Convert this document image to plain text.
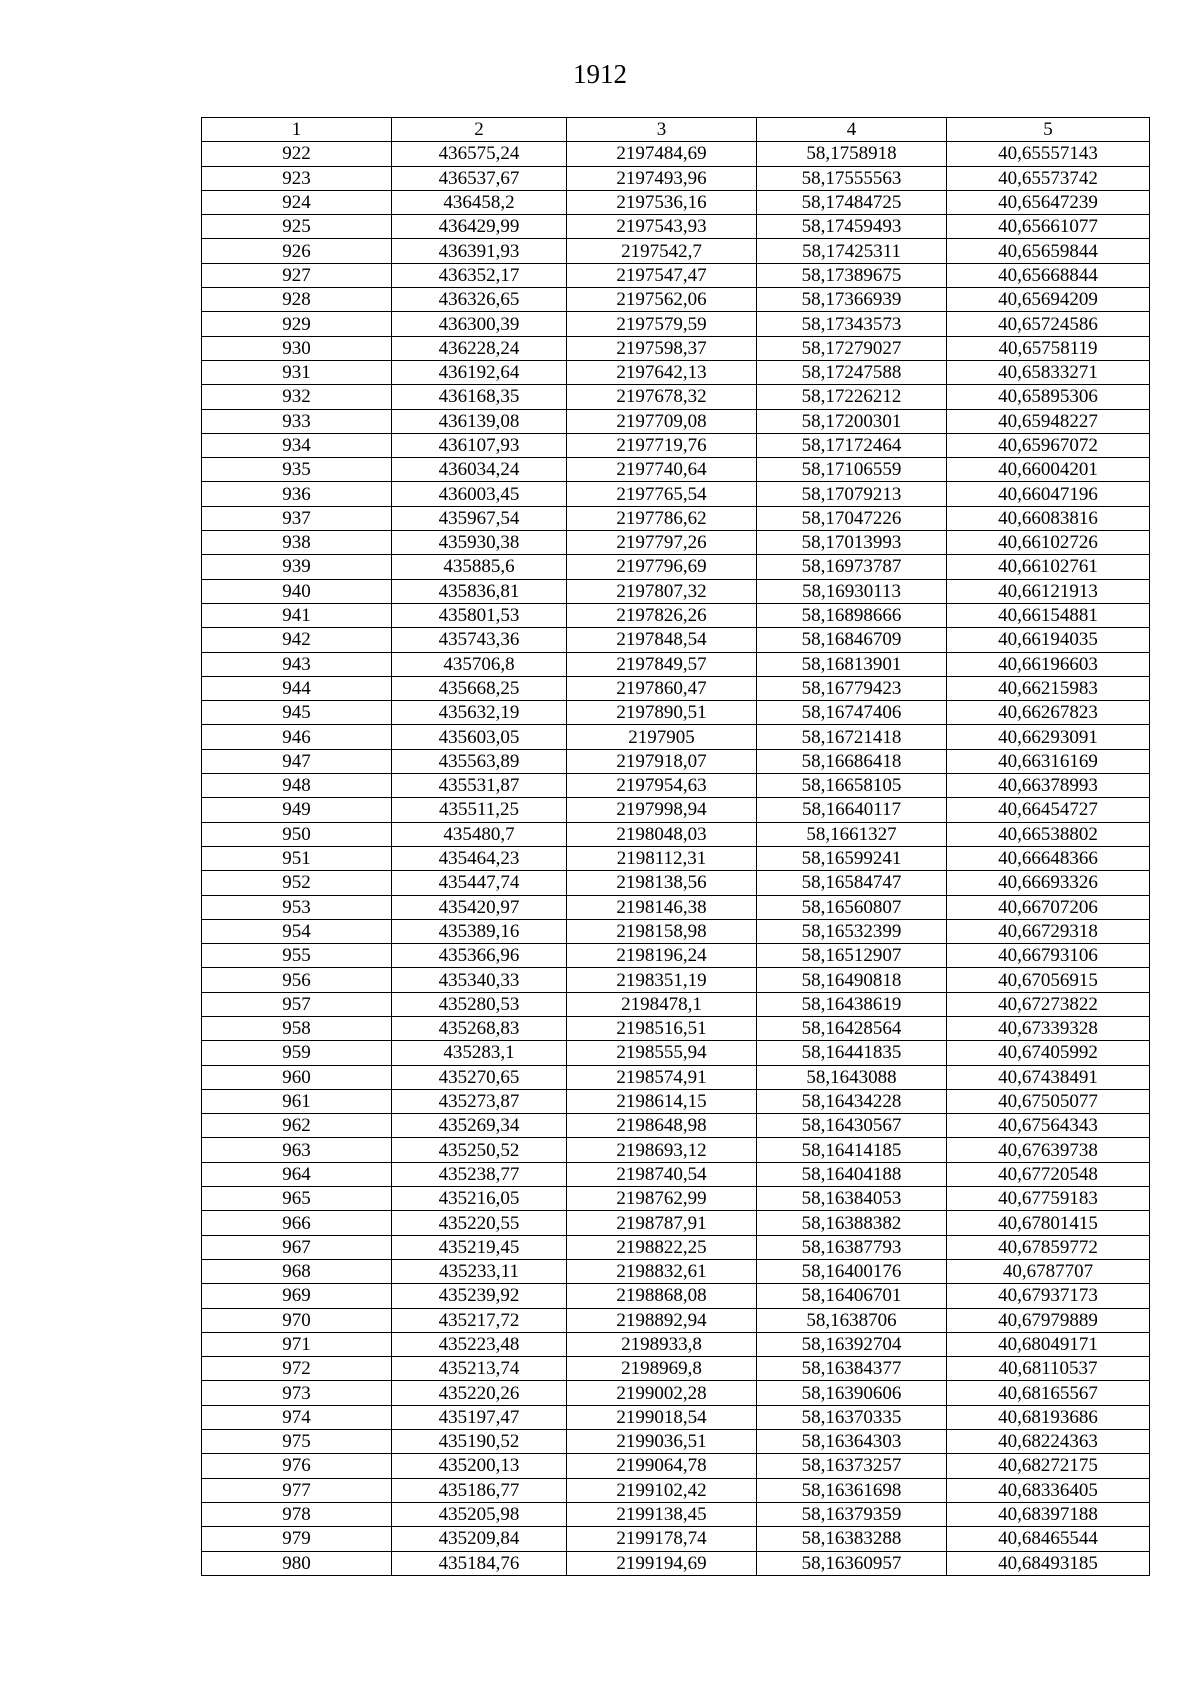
1912
1	2	3	4	5
922	436575,24	2197484,69	58,1758918	40,65557143
923	436537,67	2197493,96	58,17555563	40,65573742
924	436458,2	2197536,16	58,17484725	40,65647239
925	436429,99	2197543,93	58,17459493	40,65661077
926	436391,93	2197542,7	58,17425311	40,65659844
927	436352,17	2197547,47	58,17389675	40,65668844
928	436326,65	2197562,06	58,17366939	40,65694209
929	436300,39	2197579,59	58,17343573	40,65724586
930	436228,24	2197598,37	58,17279027	40,65758119
931	436192,64	2197642,13	58,17247588	40,65833271
932	436168,35	2197678,32	58,17226212	40,65895306
933	436139,08	2197709,08	58,17200301	40,65948227
934	436107,93	2197719,76	58,17172464	40,65967072
935	436034,24	2197740,64	58,17106559	40,66004201
936	436003,45	2197765,54	58,17079213	40,66047196
937	435967,54	2197786,62	58,17047226	40,66083816
938	435930,38	2197797,26	58,17013993	40,66102726
939	435885,6	2197796,69	58,16973787	40,66102761
940	435836,81	2197807,32	58,16930113	40,66121913
941	435801,53	2197826,26	58,16898666	40,66154881
942	435743,36	2197848,54	58,16846709	40,66194035
943	435706,8	2197849,57	58,16813901	40,66196603
944	435668,25	2197860,47	58,16779423	40,66215983
945	435632,19	2197890,51	58,16747406	40,66267823
946	435603,05	2197905	58,16721418	40,66293091
947	435563,89	2197918,07	58,16686418	40,66316169
948	435531,87	2197954,63	58,16658105	40,66378993
949	435511,25	2197998,94	58,16640117	40,66454727
950	435480,7	2198048,03	58,1661327	40,66538802
951	435464,23	2198112,31	58,16599241	40,66648366
952	435447,74	2198138,56	58,16584747	40,66693326
953	435420,97	2198146,38	58,16560807	40,66707206
954	435389,16	2198158,98	58,16532399	40,66729318
955	435366,96	2198196,24	58,16512907	40,66793106
956	435340,33	2198351,19	58,16490818	40,67056915
957	435280,53	2198478,1	58,16438619	40,67273822
958	435268,83	2198516,51	58,16428564	40,67339328
959	435283,1	2198555,94	58,16441835	40,67405992
960	435270,65	2198574,91	58,1643088	40,67438491
961	435273,87	2198614,15	58,16434228	40,67505077
962	435269,34	2198648,98	58,16430567	40,67564343
963	435250,52	2198693,12	58,16414185	40,67639738
964	435238,77	2198740,54	58,16404188	40,67720548
965	435216,05	2198762,99	58,16384053	40,67759183
966	435220,55	2198787,91	58,16388382	40,67801415
967	435219,45	2198822,25	58,16387793	40,67859772
968	435233,11	2198832,61	58,16400176	40,6787707
969	435239,92	2198868,08	58,16406701	40,67937173
970	435217,72	2198892,94	58,1638706	40,67979889
971	435223,48	2198933,8	58,16392704	40,68049171
972	435213,74	2198969,8	58,16384377	40,68110537
973	435220,26	2199002,28	58,16390606	40,68165567
974	435197,47	2199018,54	58,16370335	40,68193686
975	435190,52	2199036,51	58,16364303	40,68224363
976	435200,13	2199064,78	58,16373257	40,68272175
977	435186,77	2199102,42	58,16361698	40,68336405
978	435205,98	2199138,45	58,16379359	40,68397188
979	435209,84	2199178,74	58,16383288	40,68465544
980	435184,76	2199194,69	58,16360957	40,68493185
